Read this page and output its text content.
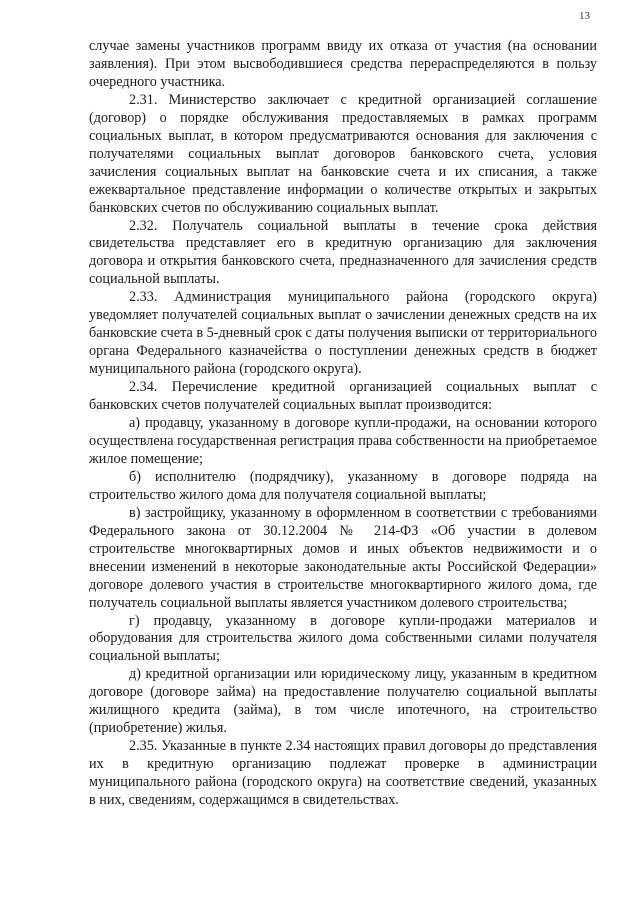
13

случае замены участников программ ввиду их отказа от участия (на основании заявления). При этом высвободившиеся средства перераспределяются в пользу очередного участника.

2.31. Министерство заключает с кредитной организацией соглашение (договор) о порядке обслуживания предоставляемых в рамках программ социальных выплат, в котором предусматриваются основания для заключения с получателями социальных выплат договоров банковского счета, условия зачисления социальных выплат на банковские счета и их списания, а также ежеквартальное представление информации о количестве открытых и закрытых банковских счетов по обслуживанию социальных выплат.

2.32. Получатель социальной выплаты в течение срока действия свидетельства представляет его в кредитную организацию для заключения договора и открытия банковского счета, предназначенного для зачисления средств социальной выплаты.

2.33. Администрация муниципального района (городского округа) уведомляет получателей социальных выплат о зачислении денежных средств на их банковские счета в 5-дневный срок с даты получения выписки от территориального органа Федерального казначейства о поступлении денежных средств в бюджет муниципального района (городского округа).

2.34. Перечисление кредитной организацией социальных выплат с банковских счетов получателей социальных выплат производится:

а) продавцу, указанному в договоре купли-продажи, на основании которого осуществлена государственная регистрация права собственности на приобретаемое жилое помещение;

б) исполнителю (подрядчику), указанному в договоре подряда на строительство жилого дома для получателя социальной выплаты;

в) застройщику, указанному в оформленном в соответствии с требованиями Федерального закона от 30.12.2004 № 214-ФЗ «Об участии в долевом строительстве многоквартирных домов и иных объектов недвижимости и о внесении изменений в некоторые законодательные акты Российской Федерации» договоре долевого участия в строительстве многоквартирного жилого дома, где получатель социальной выплаты является участником долевого строительства;

г) продавцу, указанному в договоре купли-продажи материалов и оборудования для строительства жилого дома собственными силами получателя социальной выплаты;

д) кредитной организации или юридическому лицу, указанным в кредитном договоре (договоре займа) на предоставление получателю социальной выплаты жилищного кредита (займа), в том числе ипотечного, на строительство (приобретение) жилья.

2.35. Указанные в пункте 2.34 настоящих правил договоры до представления их в кредитную организацию подлежат проверке в администрации муниципального района (городского округа) на соответствие сведений, указанных в них, сведениям, содержащимся в свидетельствах.
